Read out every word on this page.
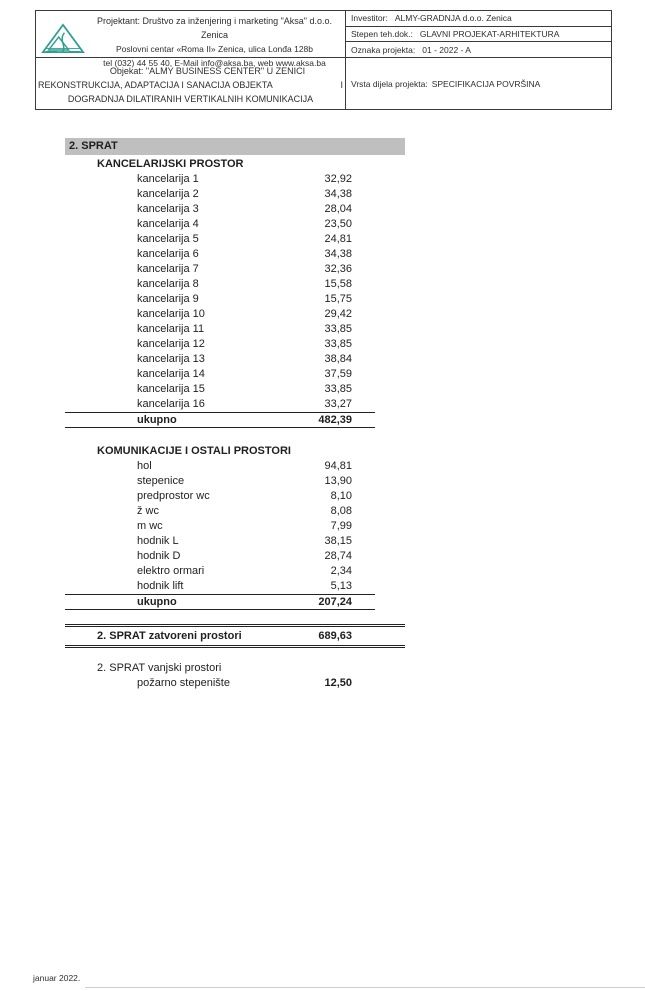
Projektant: Društvo za inženjering i marketing "Aksa" d.o.o. Zenica
Poslovni centar «Roma II» Zenica, ulica Lonđa 128b
tel (032) 44 55 40, E-Mail info@aksa.ba, web www.aksa.ba
Investitor: ALMY-GRADNJA d.o.o. Zenica
Stepen teh.dok.: GLAVNI PROJEKAT-ARHITEKTURA
Oznaka projekta: 01 - 2022 - A
Objekat: "ALMY BUSINESS CENTER" U ZENICI
REKONSTRUKCIJA, ADAPTACIJA I SANACIJA OBJEKTA	I
DOGRADNJA DILATIRANIH VERTIKALNIH KOMUNIKACIJA
Vrsta dijela projekta: SPECIFIKACIJA POVRŠINA
2. SPRAT
KANCELARIJSKI PROSTOR
kancelarija 1	32,92
kancelarija 2	34,38
kancelarija 3	28,04
kancelarija 4	23,50
kancelarija 5	24,81
kancelarija 6	34,38
kancelarija 7	32,36
kancelarija 8	15,58
kancelarija 9	15,75
kancelarija 10	29,42
kancelarija 11	33,85
kancelarija 12	33,85
kancelarija 13	38,84
kancelarija 14	37,59
kancelarija 15	33,85
kancelarija 16	33,27
ukupno	482,39
KOMUNIKACIJE I OSTALI PROSTORI
hol	94,81
stepenice	13,90
predprostor wc	8,10
ž wc	8,08
m wc	7,99
hodnik L	38,15
hodnik D	28,74
elektro ormari	2,34
hodnik lift	5,13
ukupno	207,24
2. SPRAT zatvoreni prostori	689,63
2. SPRAT vanjski prostori
požarno stepenište	12,50
januar 2022.
